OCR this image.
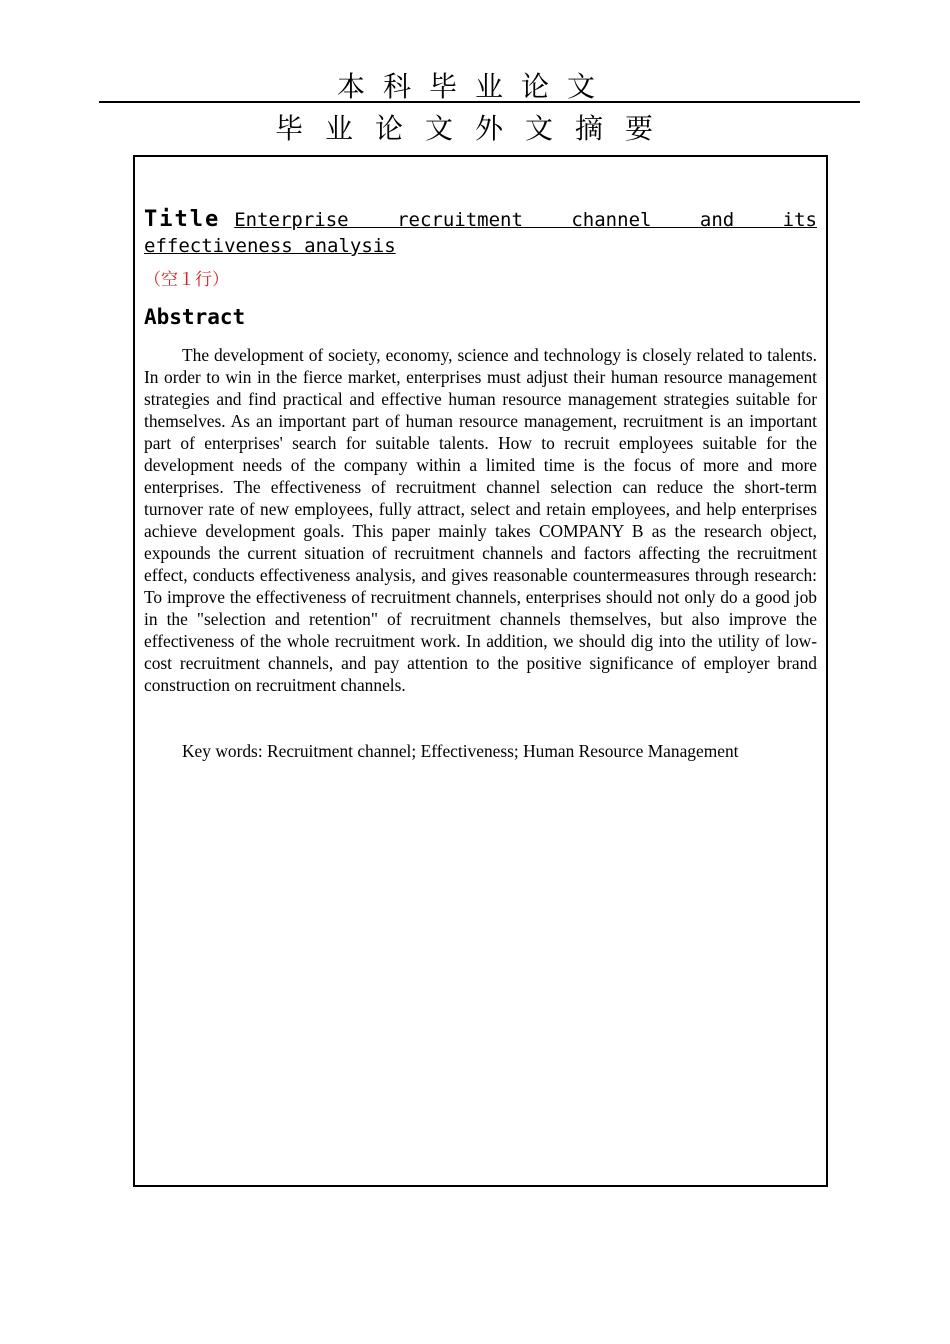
本科毕业论文
毕业论文外文摘要
Title Enterprise recruitment channel and its effectiveness analysis
（空１行）
Abstract
The development of society, economy, science and technology is closely related to talents. In order to win in the fierce market, enterprises must adjust their human resource management strategies and find practical and effective human resource management strategies suitable for themselves. As an important part of human resource management, recruitment is an important part of enterprises' search for suitable talents. How to recruit employees suitable for the development needs of the company within a limited time is the focus of more and more enterprises. The effectiveness of recruitment channel selection can reduce the short-term turnover rate of new employees, fully attract, select and retain employees, and help enterprises achieve development goals. This paper mainly takes COMPANY B as the research object, expounds the current situation of recruitment channels and factors affecting the recruitment effect, conducts effectiveness analysis, and gives reasonable countermeasures through research: To improve the effectiveness of recruitment channels, enterprises should not only do a good job in the "selection and retention" of recruitment channels themselves, but also improve the effectiveness of the whole recruitment work. In addition, we should dig into the utility of low-cost recruitment channels, and pay attention to the positive significance of employer brand construction on recruitment channels.
Key words: Recruitment channel; Effectiveness; Human Resource Management
